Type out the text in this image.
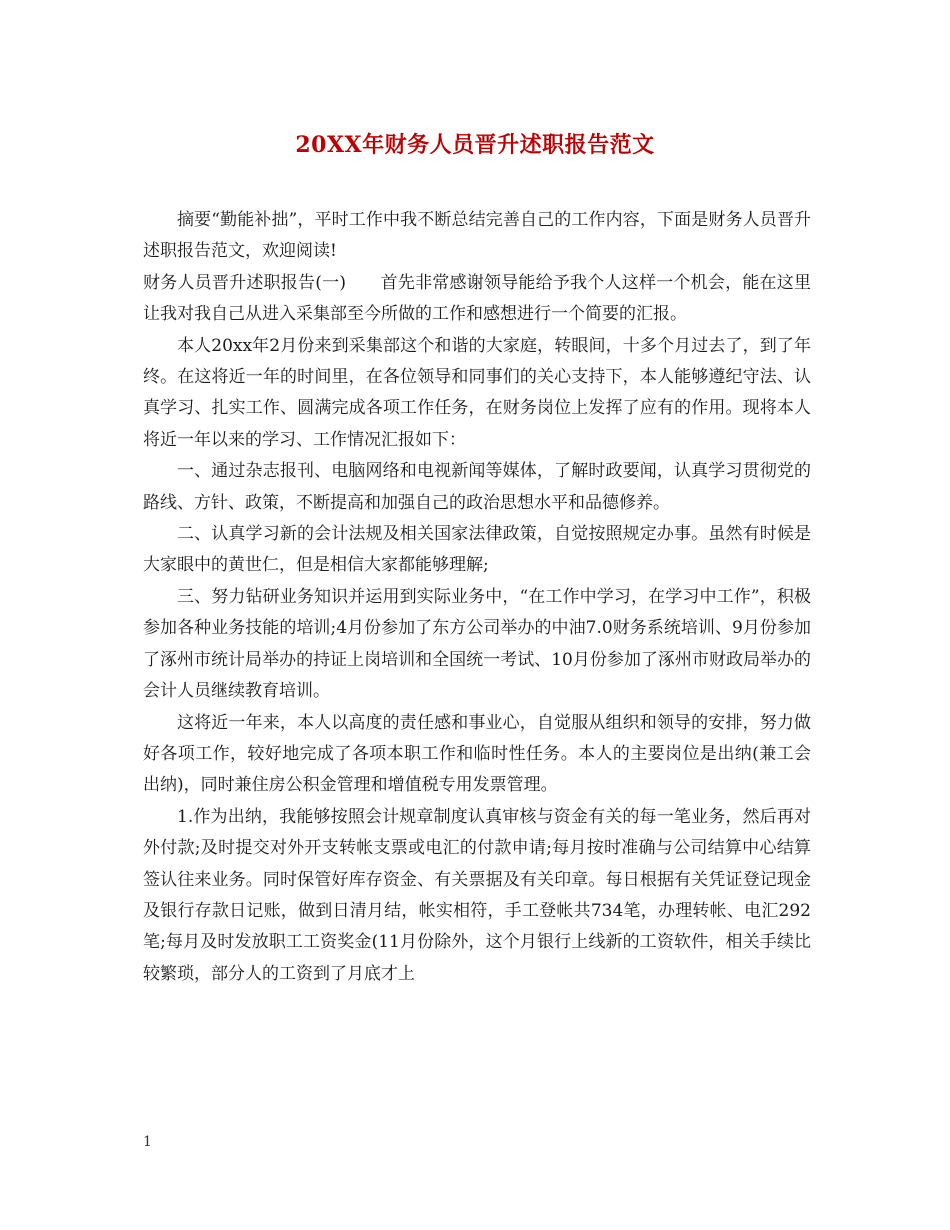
20XX年财务人员晋升述职报告范文

摘要“勤能补拙”，平时工作中我不断总结完善自己的工作内容，下面是财务人员晋升述职报告范文，欢迎阅读!

财务人员晋升述职报告(一)　　首先非常感谢领导能给予我个人这样一个机会，能在这里让我对我自己从进入采集部至今所做的工作和感想进行一个简要的汇报。

本人20xx年2月份来到采集部这个和谐的大家庭，转眼间，十多个月过去了，到了年终。在这将近一年的时间里，在各位领导和同事们的关心支持下，本人能够遵纪守法、认真学习、扎实工作、圆满完成各项工作任务，在财务岗位上发挥了应有的作用。现将本人将近一年以来的学习、工作情况汇报如下：

一、通过杂志报刊、电脑网络和电视新闻等媒体，了解时政要闻，认真学习贯彻党的路线、方针、政策，不断提高和加强自己的政治思想水平和品德修养。

二、认真学习新的会计法规及相关国家法律政策，自觉按照规定办事。虽然有时候是大家眼中的黄世仁，但是相信大家都能够理解;

三、努力钻研业务知识并运用到实际业务中，“在工作中学习，在学习中工作”，积极参加各种业务技能的培训;4月份参加了东方公司举办的中油7.0财务系统培训、9月份参加了涿州市统计局举办的持证上岗培训和全国统一考试、10月份参加了涿州市财政局举办的会计人员继续教育培训。

这将近一年来，本人以高度的责任感和事业心，自觉服从组织和领导的安排，努力做好各项工作，较好地完成了各项本职工作和临时性任务。本人的主要岗位是出纳(兼工会出纳)，同时兼住房公积金管理和增值税专用发票管理。

1.作为出纳，我能够按照会计规章制度认真审核与资金有关的每一笔业务，然后再对外付款;及时提交对外开支转帐支票或电汇的付款申请;每月按时准确与公司结算中心结算签认往来业务。同时保管好库存资金、有关票据及有关印章。每日根据有关凭证登记现金及银行存款日记账，做到日清月结，帐实相符，手工登帐共734笔，办理转帐、电汇292笔;每月及时发放职工工资奖金(11月份除外，这个月银行上线新的工资软件，相关手续比较繁琐，部分人的工资到了月底才上

1
